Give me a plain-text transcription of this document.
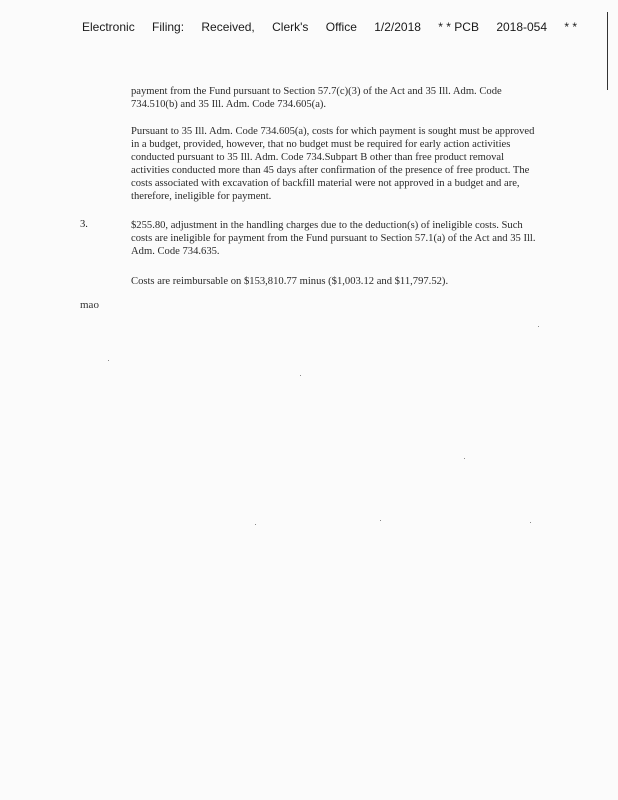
Electronic Filing: Received, Clerk's Office 1/2/2018 * * PCB 2018-054 * *
payment from the Fund pursuant to Section 57.7(c)(3) of the Act and 35 Ill. Adm. Code 734.510(b) and 35 Ill. Adm. Code 734.605(a).
Pursuant to 35 Ill. Adm. Code 734.605(a), costs for which payment is sought must be approved in a budget, provided, however, that no budget must be required for early action activities conducted pursuant to 35 Ill. Adm. Code 734.Subpart B other than free product removal activities conducted more than 45 days after confirmation of the presence of free product. The costs associated with excavation of backfill material were not approved in a budget and are, therefore, ineligible for payment.
3.	$255.80, adjustment in the handling charges due to the deduction(s) of ineligible costs. Such costs are ineligible for payment from the Fund pursuant to Section 57.1(a) of the Act and 35 Ill. Adm. Code 734.635.
Costs are reimbursable on $153,810.77 minus ($1,003.12 and $11,797.52).
mao
